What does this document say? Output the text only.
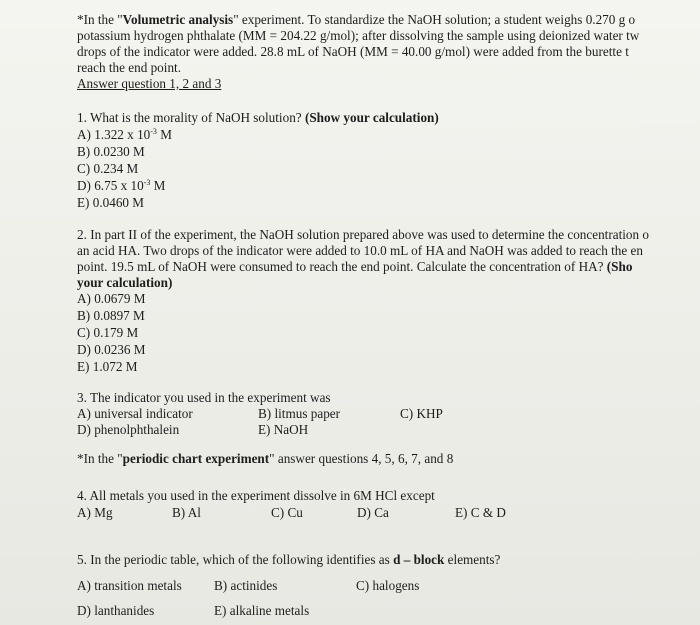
*In the "Volumetric analysis" experiment. To standardize the NaOH solution; a student weighs 0.270 g o
potassium hydrogen phthalate (MM = 204.22 g/mol); after dissolving the sample using deionized water tw
drops of the indicator were added. 28.8 mL of NaOH (MM = 40.00 g/mol) were added from the burette t
reach the end point.
Answer question 1, 2 and 3
1. What is the morality of NaOH solution? (Show your calculation)
A) 1.322 x $10^{-3}$ M
B) 0.0230 M
C) 0.234 M
D) 6.75 x $10^{-3}$ M
E) 0.0460 M
2. In part II of the experiment, the NaOH solution prepared above was used to determine the concentration o
an acid HA. Two drops of the indicator were added to 10.0 mL of HA and NaOH was added to reach the en
point. 19.5 mL of NaOH were consumed to reach the end point. Calculate the concentration of HA? (Sho
your calculation)
A) 0.0679 M
B) 0.0897 M
C) 0.179 M
D) 0.0236 M
E) 1.072 M
3. The indicator you used in the experiment was
A) universal indicator	B) litmus paper	C) KHP
D) phenolphthalein	E) NaOH
*In the "periodic chart experiment" answer questions 4, 5, 6, 7, and 8
4. All metals you used in the experiment dissolve in 6M HCl except
A) Mg	B) Al	C) Cu	D) Ca	E) C & D
5. In the periodic table, which of the following identifies as d – block elements?
A) transition metals B) actinides	C) halogens
D) lanthanides	E) alkaline metals
